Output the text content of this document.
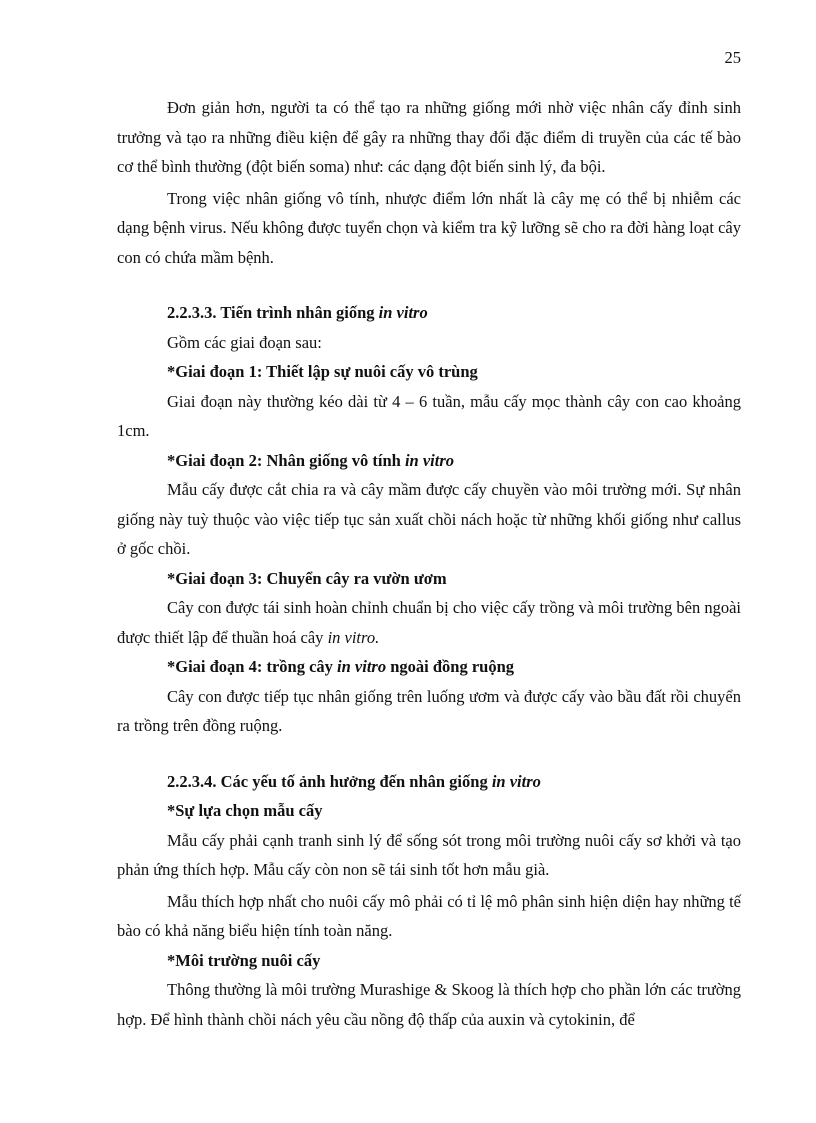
25

Đơn giản hơn, người ta có thể tạo ra những giống mới nhờ việc nhân cấy đỉnh sinh trưởng và tạo ra những điều kiện để gây ra những thay đổi đặc điểm di truyền của các tế bào cơ thể bình thường (đột biến soma) như: các dạng đột biến sinh lý, đa bội.

Trong việc nhân giống vô tính, nhược điểm lớn nhất là cây mẹ có thể bị nhiễm các dạng bệnh virus. Nếu không được tuyển chọn và kiểm tra kỹ lưỡng sẽ cho ra đời hàng loạt cây con có chứa mầm bệnh.

2.2.3.3. Tiến trình nhân giống in vitro

Gồm các giai đoạn sau:

*Giai đoạn 1: Thiết lập sự nuôi cấy vô trùng

Giai đoạn này thường kéo dài từ 4 – 6 tuần, mẫu cấy mọc thành cây con cao khoảng 1cm.

*Giai đoạn 2: Nhân giống vô tính in vitro

Mẫu cấy được cắt chia ra và cây mầm được cấy chuyền vào môi trường mới. Sự nhân giống này tuỳ thuộc vào việc tiếp tục sản xuất chồi nách hoặc từ những khối giống như callus ở gốc chồi.

*Giai đoạn 3: Chuyển cây ra vườn ươm

Cây con được tái sinh hoàn chỉnh chuẩn bị cho việc cấy trồng và môi trường bên ngoài được thiết lập để thuần hoá cây in vitro.

*Giai đoạn 4: trồng cây in vitro ngoài đồng ruộng

Cây con được tiếp tục nhân giống trên luống ươm và được cấy vào bầu đất rồi chuyển ra trồng trên đồng ruộng.

2.2.3.4. Các yếu tố ảnh hưởng đến nhân giống in vitro

*Sự lựa chọn mẫu cấy

Mẫu cấy phải cạnh tranh sinh lý để sống sót trong môi trường nuôi cấy sơ khởi và tạo phản ứng thích hợp. Mẫu cấy còn non sẽ tái sinh tốt hơn mẫu già.

Mẫu thích hợp nhất cho nuôi cấy mô phải có tỉ lệ mô phân sinh hiện diện hay những tế bào có khả năng biểu hiện tính toàn năng.

*Môi trường nuôi cấy

Thông thường là môi trường Murashige & Skoog là thích hợp cho phần lớn các trường hợp. Để hình thành chồi nách yêu cầu nồng độ thấp của auxin và cytokinin, để
